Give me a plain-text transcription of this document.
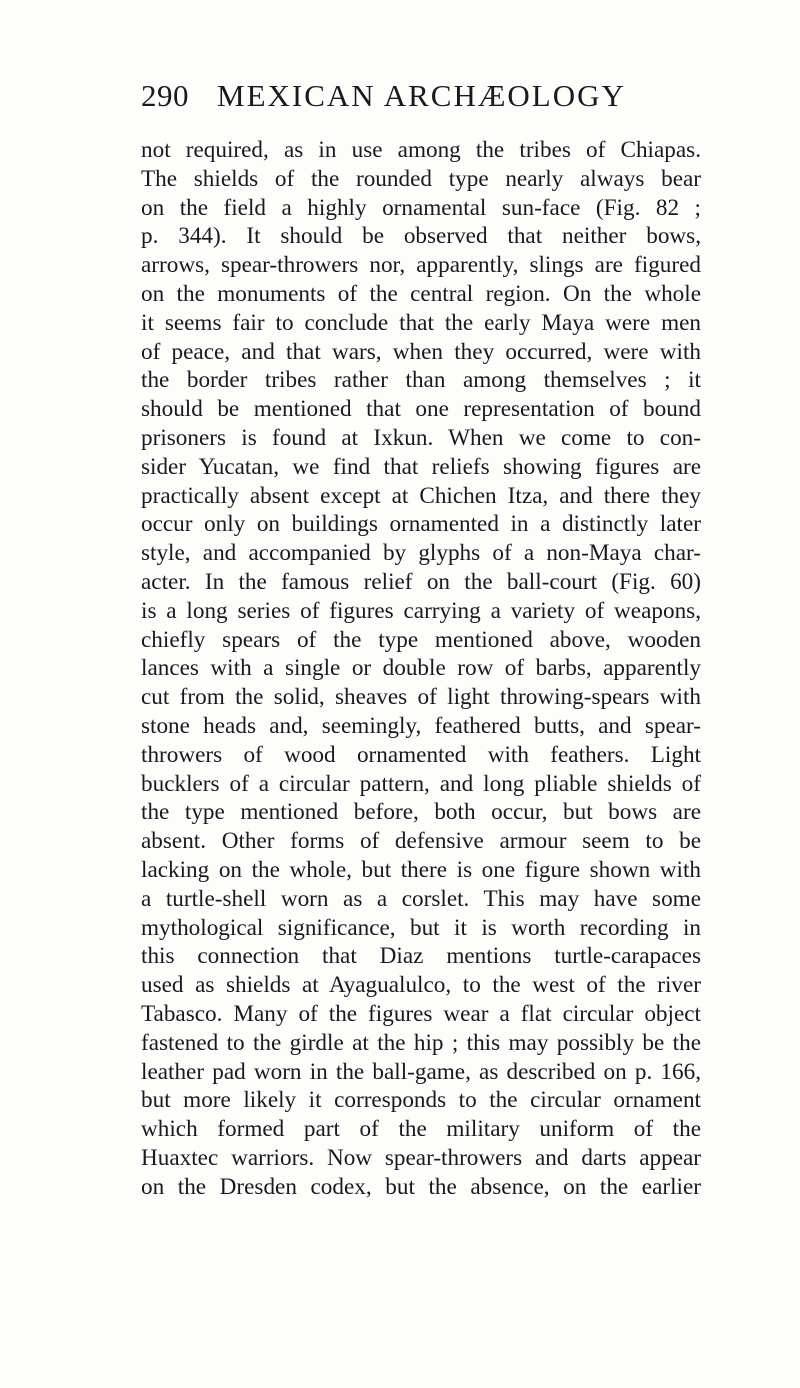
290 MEXICAN ARCHÆOLOGY
not required, as in use among the tribes of Chiapas.
The shields of the rounded type nearly always bear
on the field a highly ornamental sun-face (Fig. 82 ;
p. 344). It should be observed that neither bows,
arrows, spear-throwers nor, apparently, slings are figured
on the monuments of the central region. On the whole
it seems fair to conclude that the early Maya were men
of peace, and that wars, when they occurred, were with
the border tribes rather than among themselves ; it
should be mentioned that one representation of bound
prisoners is found at Ixkun. When we come to con-
sider Yucatan, we find that reliefs showing figures are
practically absent except at Chichen Itza, and there they
occur only on buildings ornamented in a distinctly later
style, and accompanied by glyphs of a non-Maya char-
acter. In the famous relief on the ball-court (Fig. 60)
is a long series of figures carrying a variety of weapons,
chiefly spears of the type mentioned above, wooden
lances with a single or double row of barbs, apparently
cut from the solid, sheaves of light throwing-spears with
stone heads and, seemingly, feathered butts, and spear-
throwers of wood ornamented with feathers. Light
bucklers of a circular pattern, and long pliable shields of
the type mentioned before, both occur, but bows are
absent. Other forms of defensive armour seem to be
lacking on the whole, but there is one figure shown with
a turtle-shell worn as a corslet. This may have some
mythological significance, but it is worth recording in
this connection that Diaz mentions turtle-carapaces
used as shields at Ayagualulco, to the west of the river
Tabasco. Many of the figures wear a flat circular object
fastened to the girdle at the hip ; this may possibly be the
leather pad worn in the ball-game, as described on p. 166,
but more likely it corresponds to the circular ornament
which formed part of the military uniform of the
Huaxtec warriors. Now spear-throwers and darts appear
on the Dresden codex, but the absence, on the earlier
